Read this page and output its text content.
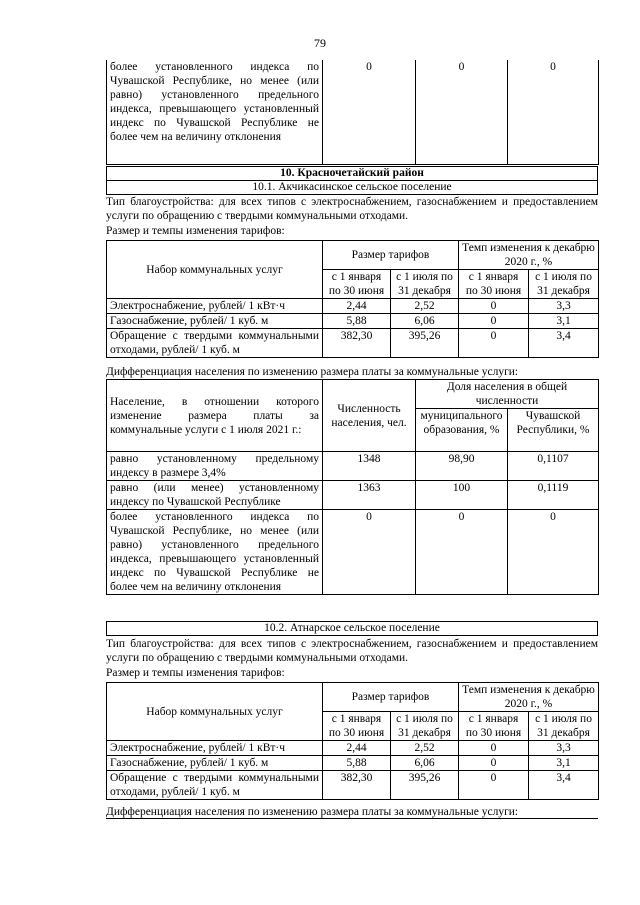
79
более установленного индекса по Чувашской Республике, но менее (или равно) установленного предельного индекса, превышающего установленный индекс по Чувашской Республике не более чем на величину отклонения	0	0	0
10. Красночетайский район
10.1. Акчикасинское сельское поселение
Тип благоустройства: для всех типов с электроснабжением, газоснабжением и предоставлением услуги по обращению с твердыми коммунальными отходами.
Размер и темпы изменения тарифов:
Набор коммунальных услуг	Размер тарифов		Темп изменения к декабрю 2020 г., %	
	с 1 января по 30 июня	с 1 июля по 31 декабря	с 1 января по 30 июня	с 1 июля по 31 декабря
Электроснабжение, рублей/ 1 кВт·ч	2,44	2,52	0	3,3
Газоснабжение, рублей/ 1 куб. м	5,88	6,06	0	3,1
Обращение с твердыми коммунальными отходами, рублей/ 1 куб. м	382,30	395,26	0	3,4
Дифференциация населения по изменению размера платы за коммунальные услуги:
Население, в отношении которого изменение размера платы за коммунальные услуги с 1 июля 2021 г.:	Численность населения, чел.	Доля населения в общей численности	
		муниципального образования, %	Чувашской Республики, %
равно установленному предельному индексу в размере 3,4%	1348	98,90	0,1107
равно (или менее) установленному индексу по Чувашской Республике	1363	100	0,1119
более установленного индекса по Чувашской Республике, но менее (или равно) установленного предельного индекса, превышающего установленный индекс по Чувашской Республике не более чем на величину отклонения	0	0	0
10.2. Атнарское сельское поселение
Тип благоустройства: для всех типов с электроснабжением, газоснабжением и предоставлением услуги по обращению с твердыми коммунальными отходами.
Размер и темпы изменения тарифов:
Набор коммунальных услуг	Размер тарифов		Темп изменения к декабрю 2020 г., %	
	с 1 января по 30 июня	с 1 июля по 31 декабря	с 1 января по 30 июня	с 1 июля по 31 декабря
Электроснабжение, рублей/ 1 кВт·ч	2,44	2,52	0	3,3
Газоснабжение, рублей/ 1 куб. м	5,88	6,06	0	3,1
Обращение с твердыми коммунальными отходами, рублей/ 1 куб. м	382,30	395,26	0	3,4
Дифференциация населения по изменению размера платы за коммунальные услуги:
